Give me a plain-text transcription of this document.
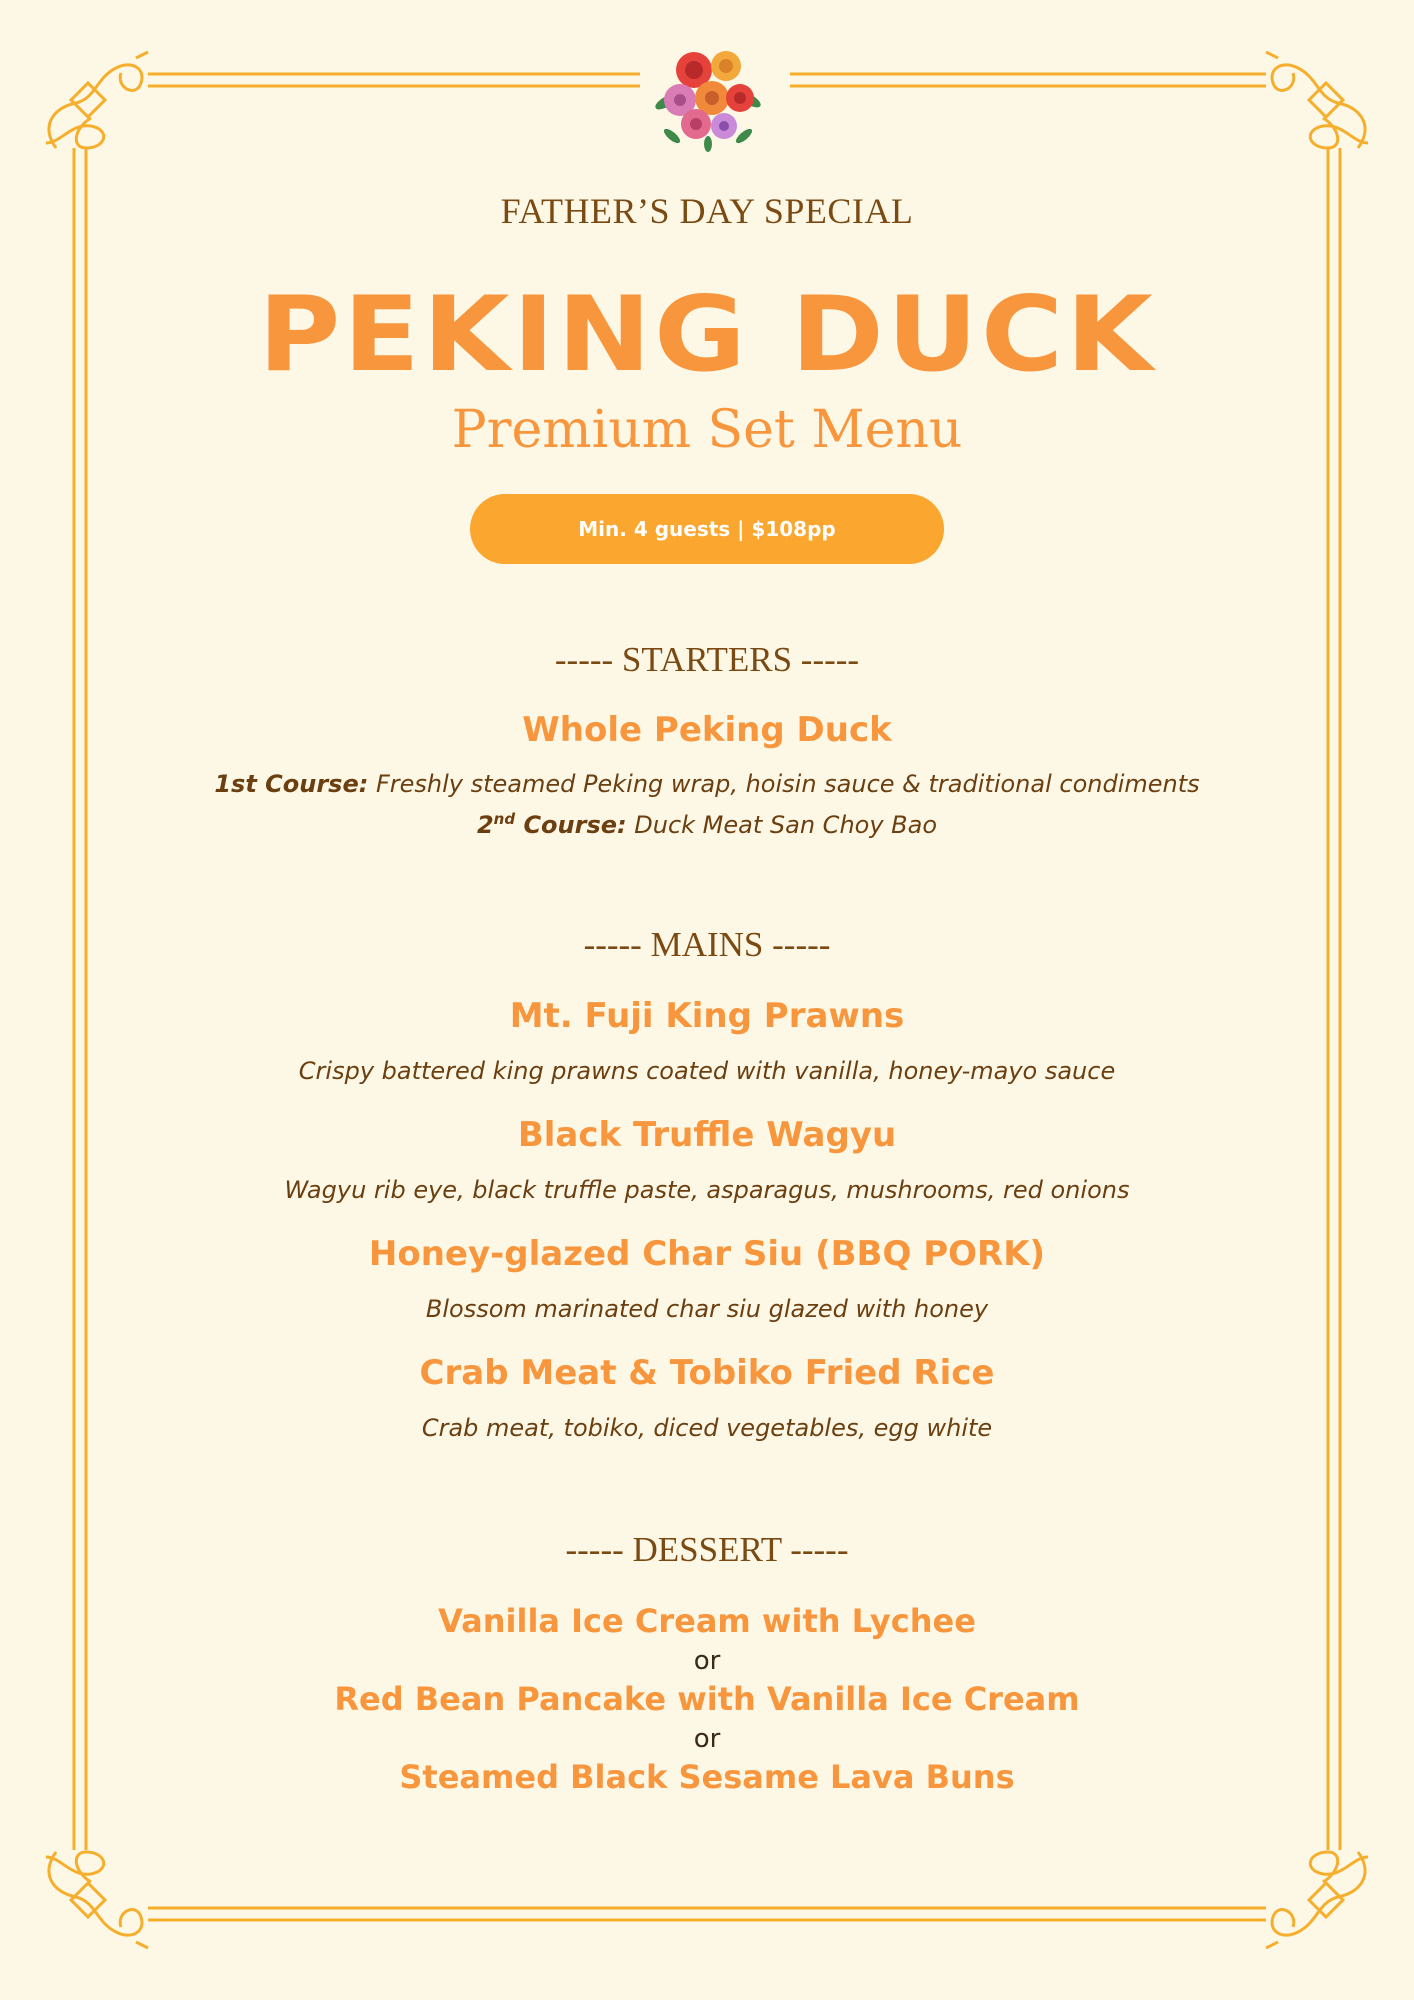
FATHER’S DAY SPECIAL
PEKING DUCK
Premium Set Menu
Min. 4 guests | $108pp
----- STARTERS -----
Whole Peking Duck
1st Course: Freshly steamed Peking wrap, hoisin sauce & traditional condiments
2nd Course: Duck Meat San Choy Bao
----- MAINS -----
Mt. Fuji King Prawns
Crispy battered king prawns coated with vanilla, honey-mayo sauce
Black Truffle Wagyu
Wagyu rib eye, black truffle paste, asparagus, mushrooms, red onions
Honey-glazed Char Siu (BBQ PORK)
Blossom marinated char siu glazed with honey
Crab Meat & Tobiko Fried Rice
Crab meat, tobiko, diced vegetables, egg white
----- DESSERT -----
Vanilla Ice Cream with Lychee
or
Red Bean Pancake with Vanilla Ice Cream
or
Steamed Black Sesame Lava Buns
